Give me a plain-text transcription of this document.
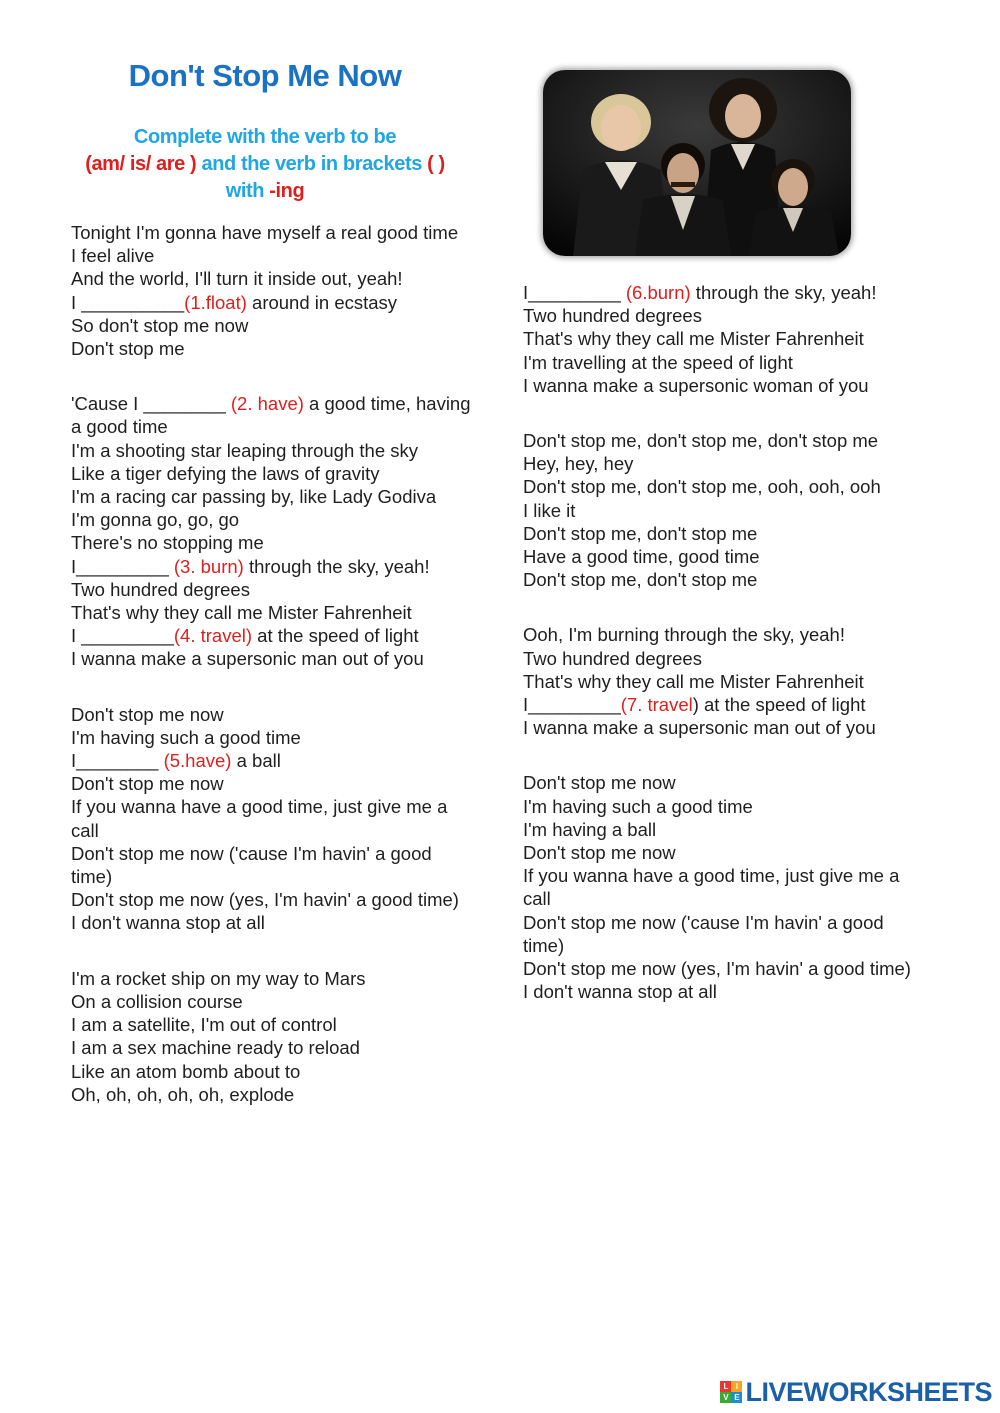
Don't Stop Me Now
Complete with the verb to be
(am/ is/ are ) and the verb in brackets ( )
with -ing
Tonight I'm gonna have myself a real good time
I feel alive
And the world, I'll turn it inside out, yeah!
I __________(1.float) around in ecstasy
So don't stop me now
Don't stop me
'Cause I ________ (2. have) a good time, having a good time
I'm a shooting star leaping through the sky
Like a tiger defying the laws of gravity
I'm a racing car passing by, like Lady Godiva
I'm gonna go, go, go
There's no stopping me
I_________ (3. burn) through the sky, yeah!
Two hundred degrees
That's why they call me Mister Fahrenheit
I _________(4. travel) at the speed of light
I wanna make a supersonic man out of you
Don't stop me now
I'm having such a good time
I________ (5.have) a ball
Don't stop me now
If you wanna have a good time, just give me a call
Don't stop me now ('cause I'm havin' a good time)
Don't stop me now (yes, I'm havin' a good time)
I don't wanna stop at all
I'm a rocket ship on my way to Mars
On a collision course
I am a satellite, I'm out of control
I am a sex machine ready to reload
Like an atom bomb about to
Oh, oh, oh, oh, oh, explode
I_________ (6.burn) through the sky, yeah!
Two hundred degrees
That's why they call me Mister Fahrenheit
I'm travelling at the speed of light
I wanna make a supersonic woman of you
Don't stop me, don't stop me, don't stop me
Hey, hey, hey
Don't stop me, don't stop me, ooh, ooh, ooh
I like it
Don't stop me, don't stop me
Have a good time, good time
Don't stop me, don't stop me
Ooh, I'm burning through the sky, yeah!
Two hundred degrees
That's why they call me Mister Fahrenheit
I_________(7. travel) at the speed of light
I wanna make a supersonic man out of you
Don't stop me now
I'm having such a good time
I'm having a ball
Don't stop me now
If you wanna have a good time, just give me a call
Don't stop me now ('cause I'm havin' a good time)
Don't stop me now (yes, I'm havin' a good time)
I don't wanna stop at all
L I
V E LIVEWORKSHEETS
